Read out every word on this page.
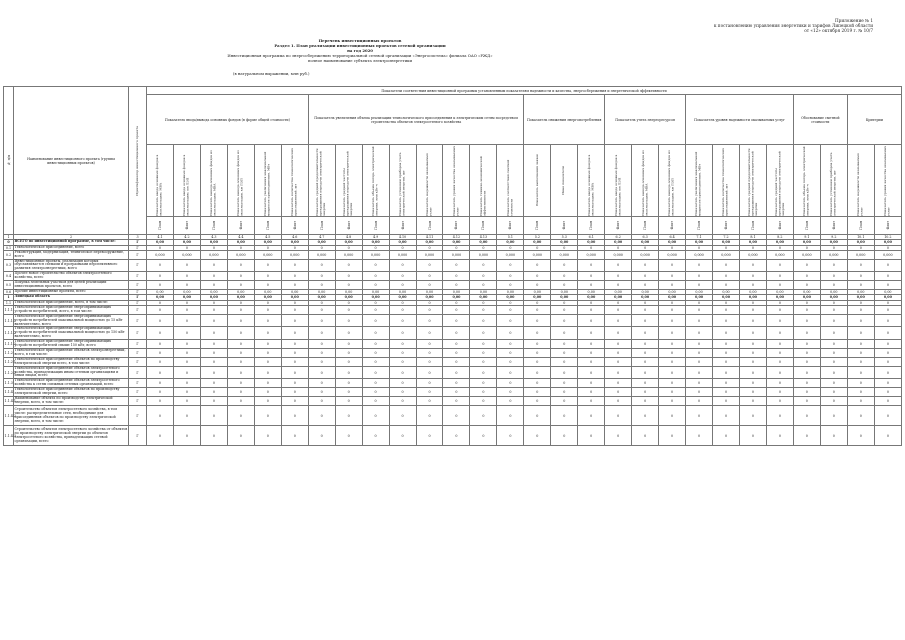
Приложение № 1
к постановлению управления энергетики и тарифов Липецкой области
от «12» октября 2019 г. № 10/7
Перечень инвестиционных проектов
Раздел 1. План реализации инвестиционных проектов сетевой организации
на год 2020
Инвестиционная программа по энергосбережению территориальной сетевой организации «Энергосистема» филиала ОАО «РЖД»
полное наименование субъекта электроэнергетики
(в натуральном выражении, млн руб.)
№ п/п	Наименование инвестиционного проекта (группы инвестиционных проектов)	Идентификатор инвестиционного проекта	Показатели соответствия инвестиционной программы установленным показателям надежности и качества, энергосбережения и энергетической эффективности																											
			Показатель ввода/вывода основных фондов (в форме общей стоимости)						Показатель увеличения объема реализации технологического присоединения к электрическим сетям посредством строительства объектов электросетевого хозяйства								Показатель снижения энергопотребления			Показатель учета энергоресурсов			Показатель уровня надежности оказываемых услуг				Обоснование сметной стоимости		Критерии	

			Показатель ввода основных фондов в эксплуатацию, МВА	Показатель ввода основных фондов в эксплуатацию, км ЛЭП	Показатель вывода основных фондов из эксплуатации, МВА	Показатель вывода основных фондов из эксплуатации, км ЛЭП	Показатель увеличения максимальной мощности присоединения, МВт	Показатель количества технологических присоединений, шт	Показатель средней продолжительности прекращения передачи электрической энергии	Показатель средней частоты прекращения передачи электрической энергии	Показатель объема потерь электрической энергии, млн кВт·ч	Показатель установки приборов учета электрической энергии, шт	Показатель надежности оказываемых услуг	Показатель уровня качества оказываемых услуг	Показатель технико-экономической эффективности	Показатель соответствия сметной стоимости	Показатель выполнения заявок	Иные показатели	Показатель ввода основных фондов в эксплуатацию, МВА	Показатель ввода основных фондов в эксплуатацию, км ЛЭП	Показатель вывода основных фондов из эксплуатации, МВА	Показатель вывода основных фондов из эксплуатации, км ЛЭП	Показатель увеличения максимальной мощности присоединения, МВт	Показатель количества технологических присоединений, шт	Показатель средней продолжительности прекращения передачи электрической энергии	Показатель средней частоты прекращения передачи электрической энергии	Показатель объема потерь электрической энергии, млн кВт·ч	Показатель установки приборов учета электрической энергии, шт	Показатель надежности оказываемых услуг	Показатель уровня качества оказываемых услуг

			План	Факт	План	Факт	План	Факт	План	Факт	План	Факт	План	Факт	План	Факт	План	Факт	План	Факт	План	Факт	План	Факт	План	Факт	План	Факт	План	Факт

1	2	3	4.1	4.2	4.3	4.4	4.5	4.6	4.7	4.8	4.9	4.10	4.11	4.12	4.13	5.1	5.2	5.3	6.1	6.2	6.3	6.4	7.1	7.2	8.1	8.2	9.1	9.2	10.1	10.2
0	ВСЕГО по инвестиционной программе, в том числе:	Г	0,00	0,00	0,00	0,00	0,00	0,00	0,00	0,00	0,00	0,00	0,00	0,00	0,00	0,00	0,00	0,00	0,00	0,00	0,00	0,00	0,00	0,00	0,00	0,00	0,00	0,00	0,00	0,00
0.1	Технологическое присоединение, всего	Г	0	0	0	0	0	0	0	0	0	0	0	0	0	0	0	0	0	0	0	0	0	0	0	0	0	0	0	0
0.2	Реконструкция, модернизация, техническое перевооружение, всего	Г	0,000	0,000	0,000	0,000	0,000	0,000	0,000	0,000	0,000	0,000	0,000	0,000	0,000	0,000	0,000	0,000	0,000	0,000	0,000	0,000	0,000	0,000	0,000	0,000	0,000	0,000	0,000	0,000
0.3	Инвестиционные проекты, реализация которых обуславливается схемами и программами перспективного развития электроэнергетики, всего	Г	0	0	0	0	0	0	0	0	0	0	0	0	0	0	0	0	0	0	0	0	0	0	0	0	0	0	0	0
0.4	Прочее новое строительство объектов электросетевого хозяйства, всего	Г	0	0	0	0	0	0	0	0	0	0	0	0	0	0	0	0	0	0	0	0	0	0	0	0	0	0	0	0
0.5	Покупка земельных участков для целей реализации инвестиционных проектов, всего	Г	0	0	0	0	0	0	0	0	0	0	0	0	0	0	0	0	0	0	0	0	0	0	0	0	0	0	0	0
0.6	Прочие инвестиционные проекты, всего	Г	0,00	0,00	0,00	0,00	0,00	0,00	0,00	0,00	0,00	0,00	0,00	0,00	0,00	0,00	0,00	0,00	0,00	0,00	0,00	0,00	0,00	0,00	0,00	0,00	0,00	0,00	0,00	0,00
1	Липецкая область	Г	0,00	0,00	0,00	0,00	0,00	0,00	0,00	0,00	0,00	0,00	0,00	0,00	0,00	0,00	0,00	0,00	0,00	0,00	0,00	0,00	0,00	0,00	0,00	0,00	0,00	0,00	0,00	0,00
1.1	Технологическое присоединение, всего, в том числе:	Г	0	0	0	0	0	0	0	0	0	0	0	0	0	0	0	0	0	0	0	0	0	0	0	0	0	0	0	0
1.1.1	Технологическое присоединение энергопринимающих устройств потребителей, всего, в том числе:	Г	0	0	0	0	0	0	0	0	0	0	0	0	0	0	0	0	0	0	0	0	0	0	0	0	0	0	0	0
1.1.1.1	Технологическое присоединение энергопринимающих устройств потребителей максимальной мощностью до 15 кВт включительно, всего	Г	0	0	0	0	0	0	0	0	0	0	0	0	0	0	0	0	0	0	0	0	0	0	0	0	0	0	0	0
1.1.1.2	Технологическое присоединение энергопринимающих устройств потребителей максимальной мощностью до 150 кВт включительно, всего	Г	0	0	0	0	0	0	0	0	0	0	0	0	0	0	0	0	0	0	0	0	0	0	0	0	0	0	0	0
1.1.1.3	Технологическое присоединение энергопринимающих устройств потребителей свыше 150 кВт, всего	Г	0	0	0	0	0	0	0	0	0	0	0	0	0	0	0	0	0	0	0	0	0	0	0	0	0	0	0	0
1.1.2	Технологическое присоединение объектов электроэнергетики, всего, в том числе:	Г	0	0	0	0	0	0	0	0	0	0	0	0	0	0	0	0	0	0	0	0	0	0	0	0	0	0	0	0
1.1.2.1	Технологическое присоединение объектов по производству электрической энергии всего, в том числе:	Г	0	0	0	0	0	0	0	0	0	0	0	0	0	0	0	0	0	0	0	0	0	0	0	0	0	0	0	0
1.1.2.2	Технологическое присоединение объектов электросетевого хозяйства, принадлежащих иным сетевым организациям и иным лицам, всего	Г	0	0	0	0	0	0	0	0	0	0	0	0	0	0	0	0	0	0	0	0	0	0	0	0	0	0	0	0
1.1.3	Технологическое присоединение объектов электросетевого хозяйства к сетям смежных сетевых организаций, всего	Г	0	0	0	0	0	0	0	0	0	0	0	0	0	0	0	0	0	0	0	0	0	0	0	0	0	0	0	0
1.1.4	Технологическое присоединение объектов по производству электрической энергии, всего	Г	0	0	0	0	0	0	0	0	0	0	0	0	0	0	0	0	0	0	0	0	0	0	0	0	0	0	0	0
1.1.4.1	Наименование объекта по производству электрической энергии, всего, в том числе:	Г	0	0	0	0	0	0	0	0	0	0	0	0	0	0	0	0	0	0	0	0	0	0	0	0	0	0	0	0
1.1.4.2	Строительство объектов электросетевого хозяйства, в том числе: распределительные сети, необходимые для присоединения объектов по производству электрической энергии, всего, в том числе:	Г	0	0	0	0	0	0	0	0	0	0	0	0	0	0	0	0	0	0	0	0	0	0	0	0	0	0	0	0
1.1.4.3	Строительство объектов электросетевого хозяйства от объектов по производству электрической энергии до объектов электросетевого хозяйства, принадлежащих сетевой организации, всего	Г	0	0	0	0	0	0	0	0	0	0	0	0	0	0	0	0	0	0	0	0	0	0	0	0	0	0	0	0
